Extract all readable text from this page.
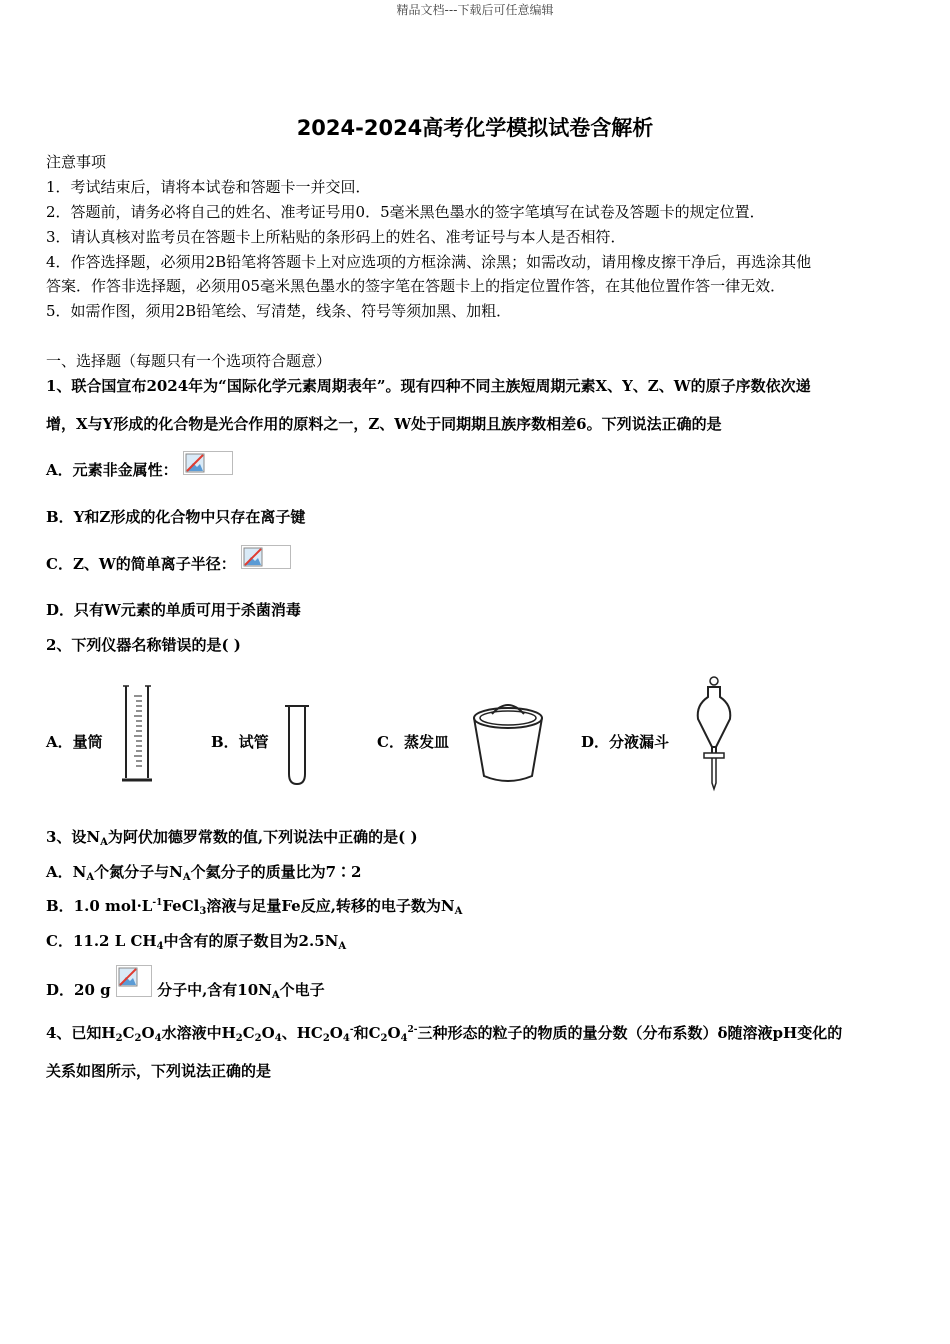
精品文档---下载后可任意编辑
2024-2024高考化学模拟试卷含解析
注意事项
1．考试结束后，请将本试卷和答题卡一并交回．
2．答题前，请务必将自己的姓名、准考证号用0．5毫米黑色墨水的签字笔填写在试卷及答题卡的规定位置．
3．请认真核对监考员在答题卡上所粘贴的条形码上的姓名、准考证号与本人是否相符．
4．作答选择题，必须用2B铅笔将答题卡上对应选项的方框涂满、涂黑；如需改动，请用橡皮擦干净后，再选涂其他
答案．作答非选择题，必须用05毫米黑色墨水的签字笔在答题卡上的指定位置作答，在其他位置作答一律无效．
5．如需作图，须用2B铅笔绘、写清楚，线条、符号等须加黑、加粗．
一、选择题（每题只有一个选项符合题意）
1、联合国宣布2024年为“国际化学元素周期表年”。现有四种不同主族短周期元素X、Y、Z、W的原子序数依次递
增，X与Y形成的化合物是光合作用的原料之一，Z、W处于同期期且族序数相差6。下列说法正确的是
A．元素非金属性：
B．Y和Z形成的化合物中只存在离子键
C．Z、W的简单离子半径：
D．只有W元素的单质可用于杀菌消毒
2、下列仪器名称错误的是( )
A．量筒	B．试管	C．蒸发皿	D．分液漏斗
3、设$N_A$为阿伏加德罗常数的值,下列说法中正确的是( )
A．$N_A$个氮分子与$N_A$个氦分子的质量比为7∶2
B．1.0 $mol\cdot L^{-1}FeCl_3$溶液与足量Fe反应,转移的电子数为$N_A$
C．11.2 L $CH_4$中含有的原子数目为$2.5N_A$
D．20 g	分子中,含有$10N_A$个电子
4、已知$H_2C_2O_4$水溶液中$H_2C_2O_4$、$HC_2O_4^-$和$C_2O_4^{2-}$三种形态的粒子的物质的量分数（分布系数）δ随溶液pH变化的
关系如图所示，下列说法正确的是
